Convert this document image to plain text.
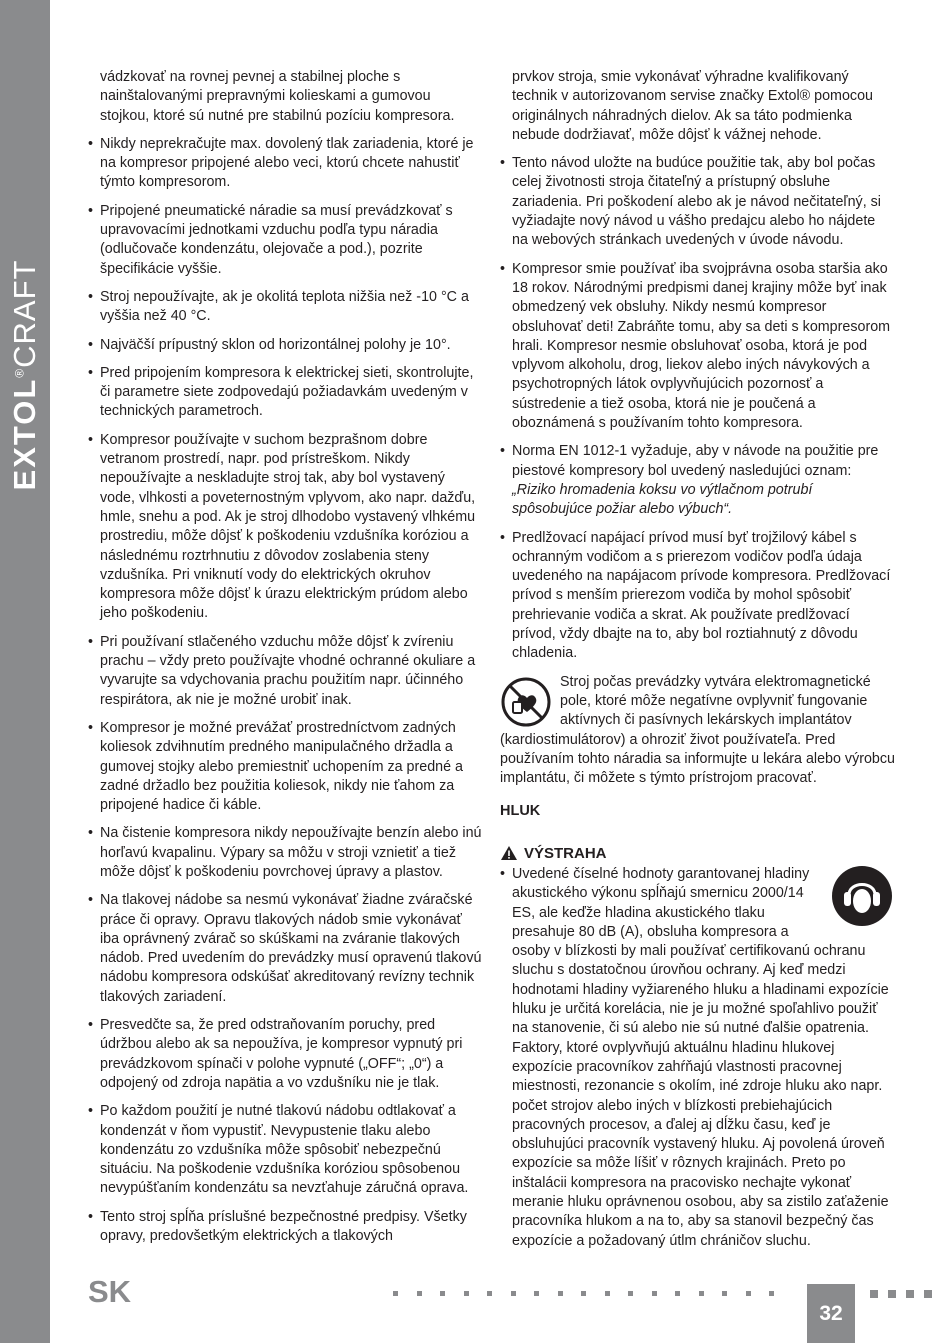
EXTOL®CRAFT
vádzkovať na rovnej pevnej a stabilnej ploche s nainštalovanými prepravnými kolieskami a gumovou stojkou, ktoré sú nutné pre stabilnú pozíciu kompresora.
• Nikdy neprekračujte max. dovolený tlak zariadenia, ktoré je na kompresor pripojené alebo veci, ktorú chcete nahustiť týmto kompresorom.
• Pripojené pneumatické náradie sa musí prevádzkovať s upravovacími jednotkami vzduchu podľa typu náradia (odlučovače kondenzátu, olejovače a pod.), pozrite špecifikácie vyššie.
• Stroj nepoužívajte, ak je okolitá teplota nižšia než -10 °C a vyššia než 40 °C.
• Najväčší prípustný sklon od horizontálnej polohy je 10°.
• Pred pripojením kompresora k elektrickej sieti, skontrolujte, či parametre siete zodpovedajú požiadavkám uvedeným v technických parametroch.
• Kompresor používajte v suchom bezprašnom dobre vetranom prostredí, napr. pod prístreškom. Nikdy nepoužívajte a neskladujte stroj tak, aby bol vystavený vode, vlhkosti a poveternostným vplyvom, ako napr. dažďu, hmle, snehu a pod. Ak je stroj dlhodobo vystavený vlhkému prostrediu, môže dôjsť k poškodeniu vzdušníka koróziou a následnému roztrhnutiu z dôvodov zoslabenia steny vzdušníka. Pri vniknutí vody do elektrických okruhov kompresora môže dôjsť k úrazu elektrickým prúdom alebo jeho poškodeniu.
• Pri používaní stlačeného vzduchu môže dôjsť k zvíreniu prachu – vždy preto používajte vhodné ochranné okuliare a vyvarujte sa vdychovania prachu použitím napr. účinného respirátora, ak nie je možné urobiť inak.
• Kompresor je možné prevážať prostredníctvom zadných koliesok zdvihnutím predného manipulačného držadla a gumovej stojky alebo premiestniť uchopením za predné a zadné držadlo bez použitia koliesok, nikdy nie ťahom za pripojené hadice či káble.
• Na čistenie kompresora nikdy nepoužívajte benzín alebo inú horľavú kvapalinu. Výpary sa môžu v stroji vznietiť a tiež môže dôjsť k poškodeniu povrchovej úpravy a plastov.
• Na tlakovej nádobe sa nesmú vykonávať žiadne zváračské práce či opravy. Opravu tlakových nádob smie vykonávať iba oprávnený zvárač so skúškami na zváranie tlakových nádob. Pred uvedením do prevádzky musí opravenú tlakovú nádobu kompresora odskúšať akreditovaný revízny technik tlakových zariadení.
• Presvedčte sa, že pred odstraňovaním poruchy, pred údržbou alebo ak sa nepoužíva, je kompresor vypnutý pri prevádzkovom spínači v polohe vypnuté („OFF“; „0“) a odpojený od zdroja napätia a vo vzdušníku nie je tlak.
• Po každom použití je nutné tlakovú nádobu odtlakovať a kondenzát v ňom vypustiť. Nevypustenie tlaku alebo kondenzátu zo vzdušníka môže spôsobiť nebezpečnú situáciu. Na poškodenie vzdušníka koróziou spôsobenou nevypúšťaním kondenzátu sa nevzťahuje záručná oprava.
• Tento stroj spĺňa príslušné bezpečnostné predpisy. Všetky opravy, predovšetkým elektrických a tlakových
prvkov stroja, smie vykonávať výhradne kvalifikovaný technik v autorizovanom servise značky Extol® pomocou originálnych náhradných dielov. Ak sa táto podmienka nebude dodržiavať, môže dôjsť k vážnej nehode.
• Tento návod uložte na budúce použitie tak, aby bol počas celej životnosti stroja čitateľný a prístupný obsluhe zariadenia. Pri poškodení alebo ak je návod nečitateľný, si vyžiadajte nový návod u vášho predajcu alebo ho nájdete na webových stránkach uvedených v úvode návodu.
• Kompresor smie používať iba svojprávna osoba staršia ako 18 rokov. Národnými predpismi danej krajiny môže byť inak obmedzený vek obsluhy. Nikdy nesmú kompresor obsluhovať deti! Zabráňte tomu, aby sa deti s kompresorom hrali. Kompresor nesmie obsluhovať osoba, ktorá je pod vplyvom alkoholu, drog, liekov alebo iných návykových a psychotropných látok ovplyvňujúcich pozornosť a sústredenie a tiež osoba, ktorá nie je poučená a oboznámená s používaním tohto kompresora.
• Norma EN 1012-1 vyžaduje, aby v návode na použitie pre piestové kompresory bol uvedený nasledujúci oznam: „Riziko hromadenia koksu vo výtlačnom potrubí spôsobujúce požiar alebo výbuch“.
• Predlžovací napájací prívod musí byť trojžilový kábel s ochranným vodičom a s prierezom vodičov podľa údaja uvedeného na napájacom prívode kompresora. Predlžovací prívod s menším prierezom vodiča by mohol spôsobiť prehrievanie vodiča a skrat. Ak používate predlžovací prívod, vždy dbajte na to, aby bol roztiahnutý z dôvodu chladenia.
Stroj počas prevádzky vytvára elektromagnetické pole, ktoré môže negatívne ovplyvniť fungovanie aktívnych či pasívnych lekárskych implantátov (kardiostimulátorov) a ohroziť život používateľa. Pred používaním tohto náradia sa informujte u lekára alebo výrobcu implantátu, či môžete s týmto prístrojom pracovať.
HLUK
VÝSTRAHA
• Uvedené číselné hodnoty garantovanej hladiny akustického výkonu spĺňajú smernicu 2000/14 ES, ale keďže hladina akustického tlaku presahuje 80 dB (A), obsluha kompresora a osoby v blízkosti by mali používať certifikovanú ochranu sluchu s dostatočnou úrovňou ochrany. Aj keď medzi hodnotami hladiny vyžiareného hluku a hladinami expozície hluku je určitá korelácia, nie je ju možné spoľahlivo použiť na stanovenie, či sú alebo nie sú nutné ďalšie opatrenia. Faktory, ktoré ovplyvňujú aktuálnu hladinu hlukovej expozície pracovníkov zahŕňajú vlastnosti pracovnej miestnosti, rezonancie s okolím, iné zdroje hluku ako napr. počet strojov alebo iných v blízkosti prebiehajúcich pracovných procesov, a ďalej aj dĺžku času, keď je obsluhujúci pracovník vystavený hluku. Aj povolená úroveň expozície sa môže líšiť v rôznych krajinách. Preto po inštalácii kompresora na pracovisko nechajte vykonať meranie hluku oprávnenou osobou, aby sa zistilo zaťaženie pracovníka hlukom a na to, aby sa stanovil bezpečný čas expozície a požadovaný útlm chráničov sluchu.
SK
32
